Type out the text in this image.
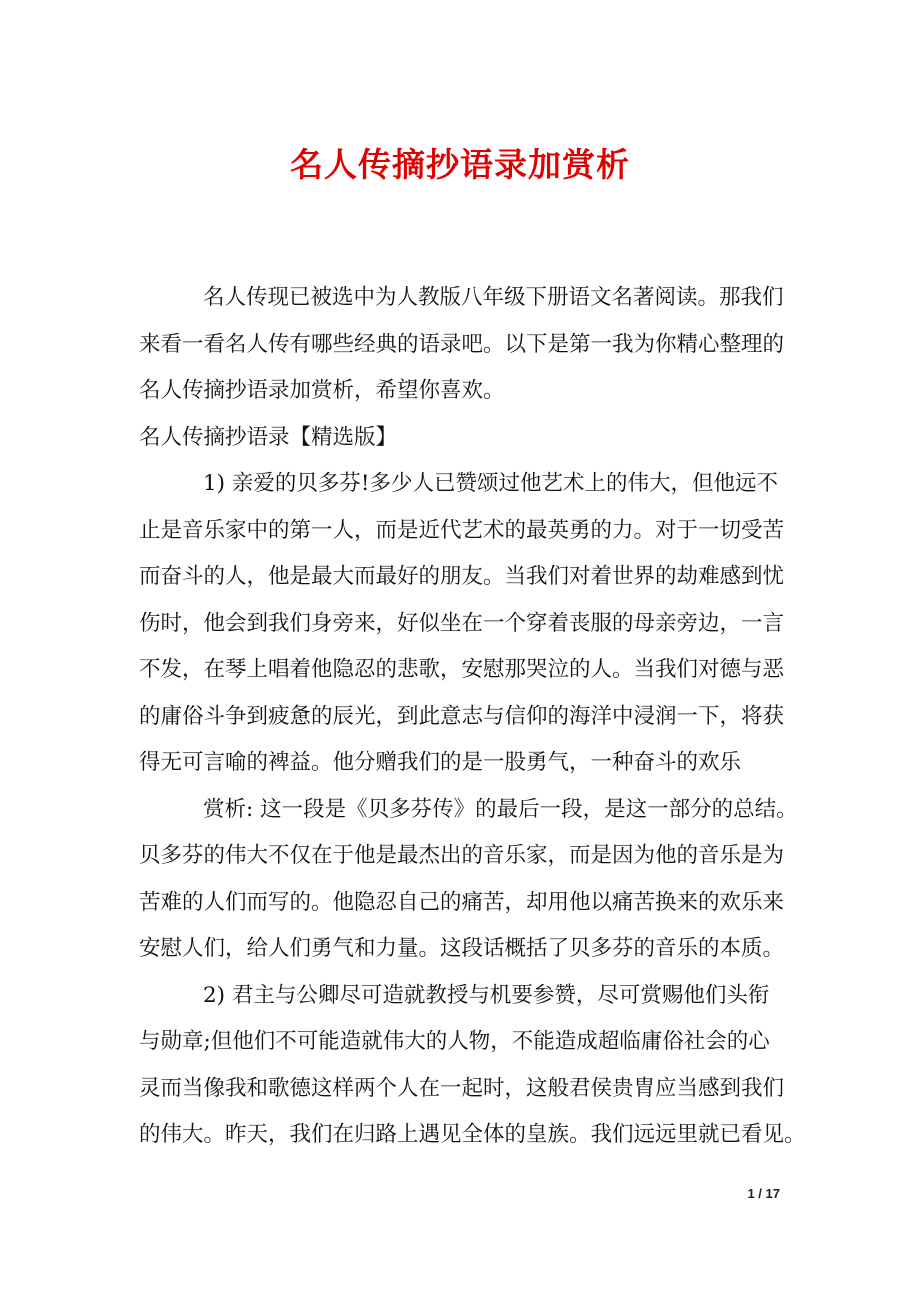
名人传摘抄语录加赏析

名人传现已被选中为人教版八年级下册语文名著阅读。那我们

来看一看名人传有哪些经典的语录吧。以下是第一我为你精心整理的
名人传摘抄语录加赏析，希望你喜欢。

名人传摘抄语录【精选版】

1) 亲爱的贝多芬!多少人已赞颂过他艺术上的伟大，但他远不
止是音乐家中的第一人，而是近代艺术的最英勇的力。对于一切受苦
而奋斗的人，他是最大而最好的朋友。当我们对着世界的劫难感到忧
伤时，他会到我们身旁来，好似坐在一个穿着丧服的母亲旁边，一言
不发，在琴上唱着他隐忍的悲歌，安慰那哭泣的人。当我们对德与恶
的庸俗斗争到疲惫的辰光，到此意志与信仰的海洋中浸润一下，将获
得无可言喻的裨益。他分赠我们的是一股勇气，一种奋斗的欢乐

赏析: 这一段是《贝多芬传》的最后一段，是这一部分的总结。
贝多芬的伟大不仅在于他是最杰出的音乐家，而是因为他的音乐是为
苦难的人们而写的。他隐忍自己的痛苦，却用他以痛苦换来的欢乐来
安慰人们，给人们勇气和力量。这段话概括了贝多芬的音乐的本质。

2) 君主与公卿尽可造就教授与机要参赞，尽可赏赐他们头衔
与勋章;但他们不可能造就伟大的人物，不能造成超临庸俗社会的心
灵而当像我和歌德这样两个人在一起时，这般君侯贵胄应当感到我们
的伟大。昨天，我们在归路上遇见全体的皇族。我们远远里就已看见。

1 / 17
